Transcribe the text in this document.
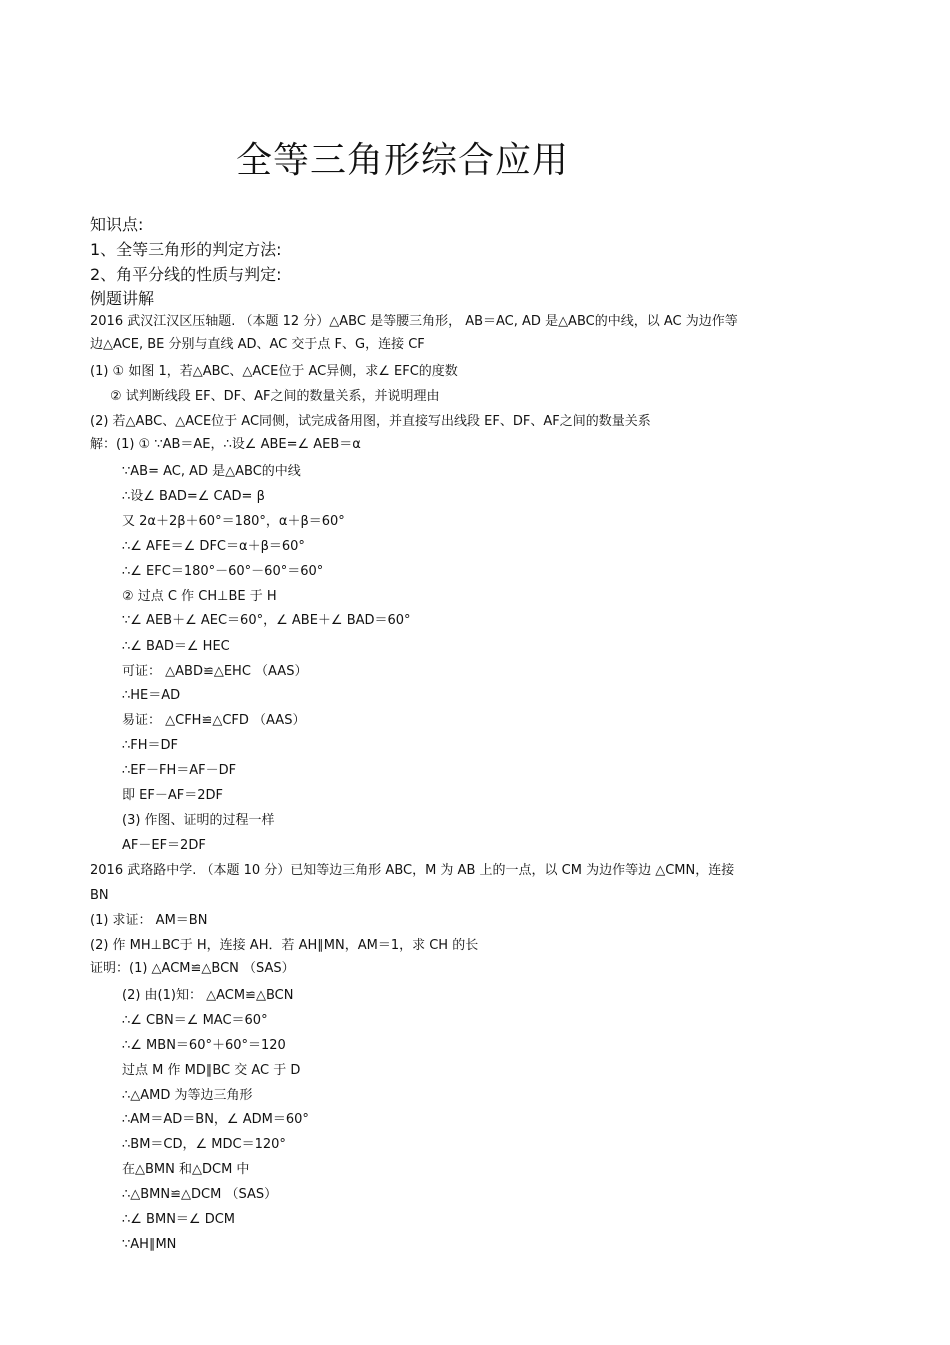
全等三角形综合应用
知识点:
1、全等三角形的判定方法:
2、角平分线的性质与判定:
例题讲解
2016 武汉江汉区压轴题. （本题 12 分）△ABC 是等腰三角形， AB＝AC, AD 是△ABC的中线，以 AC 为边作等
边△ACE, BE 分别与直线 AD、AC 交于点 F、G，连接 CF
(1) ① 如图 1，若△ABC、△ACE位于 AC异侧，求∠ EFC的度数
② 试判断线段 EF、DF、AF之间的数量关系，并说明理由
(2) 若△ABC、△ACE位于 AC同侧，试完成备用图，并直接写出线段 EF、DF、AF之间的数量关系
解：(1) ① ∵AB＝AE，∴设∠ ABE=∠ AEB＝α
∵AB= AC, AD 是△ABC的中线
∴设∠ BAD=∠ CAD= β
又 2α＋2β＋60°＝180°，α＋β＝60°
∴∠ AFE＝∠ DFC＝α＋β＝60°
∴∠ EFC＝180°－60°－60°＝60°
② 过点 C 作 CH⊥BE 于 H
∵∠ AEB＋∠ AEC＝60°，∠ ABE＋∠ BAD＝60°
∴∠ BAD＝∠ HEC
可证： △ABD≌△EHC （AAS）
∴HE＝AD
易证： △CFH≌△CFD （AAS）
∴FH＝DF
∴EF－FH＝AF－DF
即 EF－AF＝2DF
(3) 作图、证明的过程一样
AF－EF＝2DF
2016 武珞路中学. （本题 10 分）已知等边三角形 ABC，M 为 AB 上的一点，以 CM 为边作等边 △CMN，连接
BN
(1) 求证： AM＝BN
(2) 作 MH⊥BC于 H，连接 AH．若 AH∥MN，AM＝1，求 CH 的长
证明：(1) △ACM≌△BCN （SAS）
(2) 由(1)知： △ACM≌△BCN
∴∠ CBN＝∠ MAC＝60°
∴∠ MBN＝60°＋60°＝120
过点 M 作 MD∥BC 交 AC 于 D
∴△AMD 为等边三角形
∴AM＝AD＝BN，∠ ADM＝60°
∴BM＝CD，∠ MDC＝120°
在△BMN 和△DCM 中
∴△BMN≌△DCM （SAS）
∴∠ BMN＝∠ DCM
∵AH∥MN
